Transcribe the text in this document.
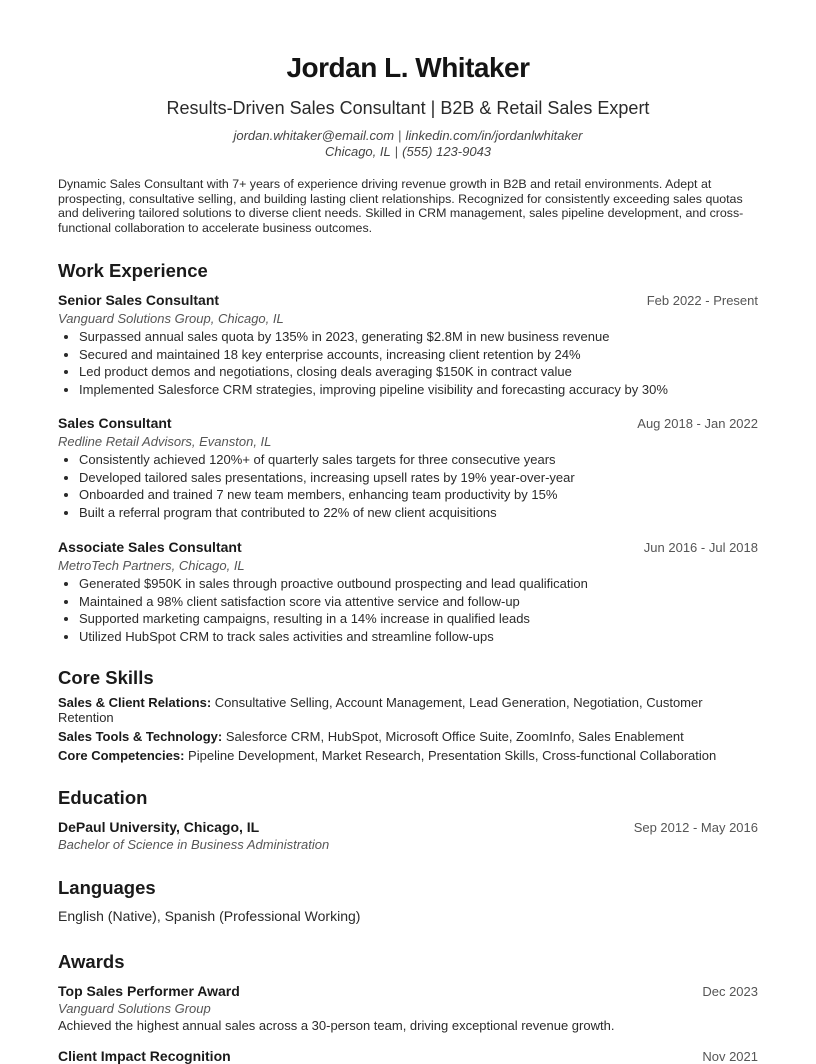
Jordan L. Whitaker
Results-Driven Sales Consultant | B2B & Retail Sales Expert
jordan.whitaker@email.com | linkedin.com/in/jordanlwhitaker
Chicago, IL | (555) 123-9043
Dynamic Sales Consultant with 7+ years of experience driving revenue growth in B2B and retail environments. Adept at prospecting, consultative selling, and building lasting client relationships. Recognized for consistently exceeding sales quotas and delivering tailored solutions to diverse client needs. Skilled in CRM management, sales pipeline development, and cross-functional collaboration to accelerate business outcomes.
Work Experience
Senior Sales Consultant	Feb 2022 - Present
Vanguard Solutions Group, Chicago, IL
• Surpassed annual sales quota by 135% in 2023, generating $2.8M in new business revenue
• Secured and maintained 18 key enterprise accounts, increasing client retention by 24%
• Led product demos and negotiations, closing deals averaging $150K in contract value
• Implemented Salesforce CRM strategies, improving pipeline visibility and forecasting accuracy by 30%
Sales Consultant	Aug 2018 - Jan 2022
Redline Retail Advisors, Evanston, IL
• Consistently achieved 120%+ of quarterly sales targets for three consecutive years
• Developed tailored sales presentations, increasing upsell rates by 19% year-over-year
• Onboarded and trained 7 new team members, enhancing team productivity by 15%
• Built a referral program that contributed to 22% of new client acquisitions
Associate Sales Consultant	Jun 2016 - Jul 2018
MetroTech Partners, Chicago, IL
• Generated $950K in sales through proactive outbound prospecting and lead qualification
• Maintained a 98% client satisfaction score via attentive service and follow-up
• Supported marketing campaigns, resulting in a 14% increase in qualified leads
• Utilized HubSpot CRM to track sales activities and streamline follow-ups
Core Skills
Sales & Client Relations: Consultative Selling, Account Management, Lead Generation, Negotiation, Customer Retention
Sales Tools & Technology: Salesforce CRM, HubSpot, Microsoft Office Suite, ZoomInfo, Sales Enablement
Core Competencies: Pipeline Development, Market Research, Presentation Skills, Cross-functional Collaboration
Education
DePaul University, Chicago, IL	Sep 2012 - May 2016
Bachelor of Science in Business Administration
Languages
English (Native), Spanish (Professional Working)
Awards
Top Sales Performer Award	Dec 2023
Vanguard Solutions Group
Achieved the highest annual sales across a 30-person team, driving exceptional revenue growth.
Client Impact Recognition	Nov 2021
